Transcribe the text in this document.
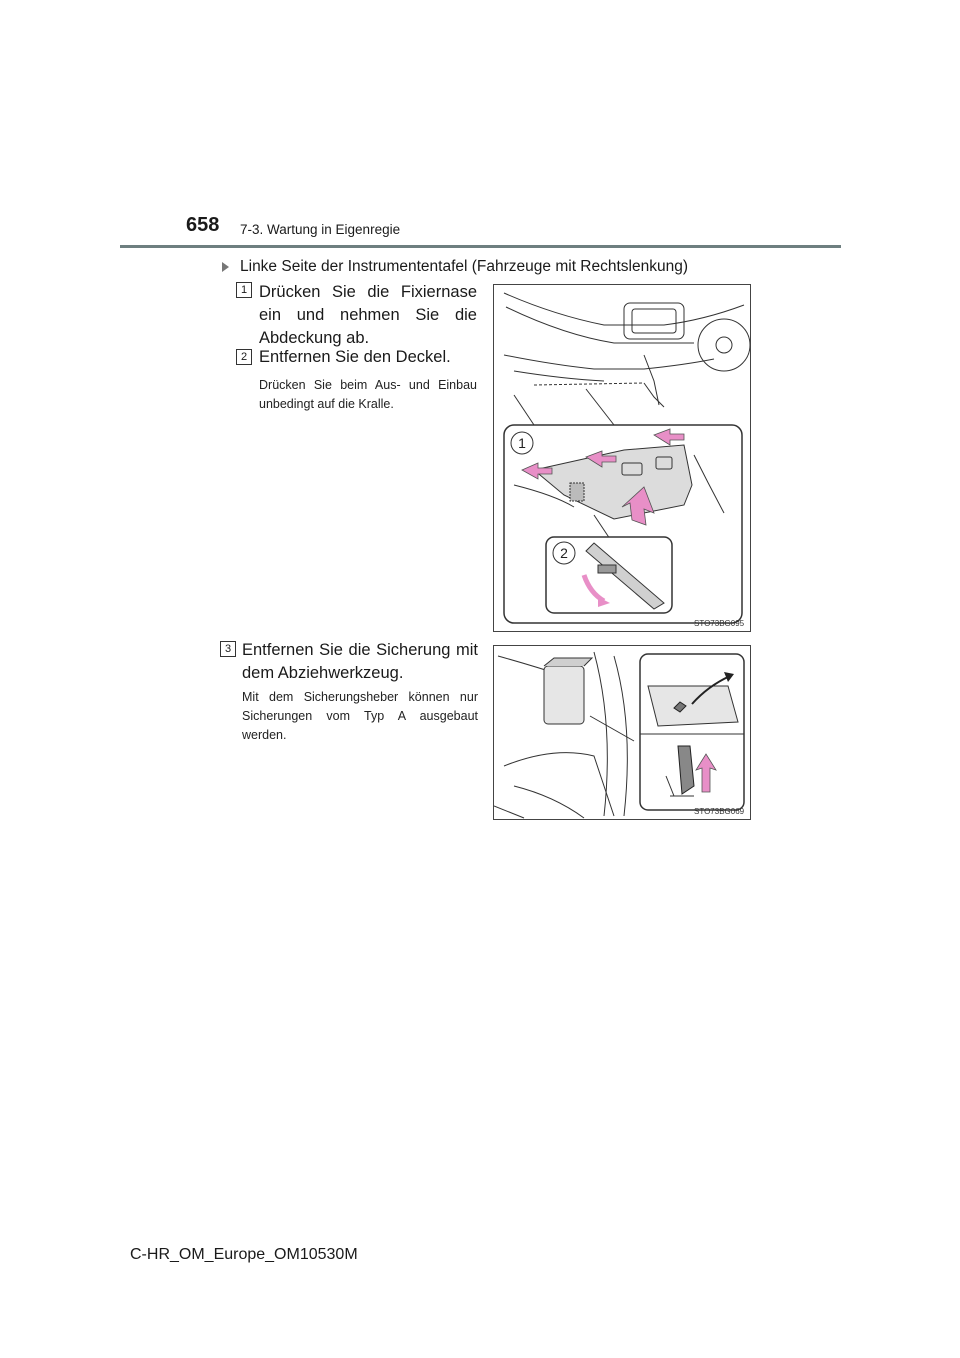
658 7-3. Wartung in Eigenregie
Linke Seite der Instrumententafel (Fahrzeuge mit Rechtslenkung)
1 Drücken Sie die Fixiernase ein und nehmen Sie die Abdeckung ab.
2 Entfernen Sie den Deckel.
Drücken Sie beim Aus- und Einbau unbedingt auf die Kralle.
3 Entfernen Sie die Sicherung mit dem Abziehwerkzeug.
Mit dem Sicherungsheber können nur Sicherungen vom Typ A ausgebaut werden.
1
2
STO73BG095
STO73BG069
C-HR_OM_Europe_OM10530M
